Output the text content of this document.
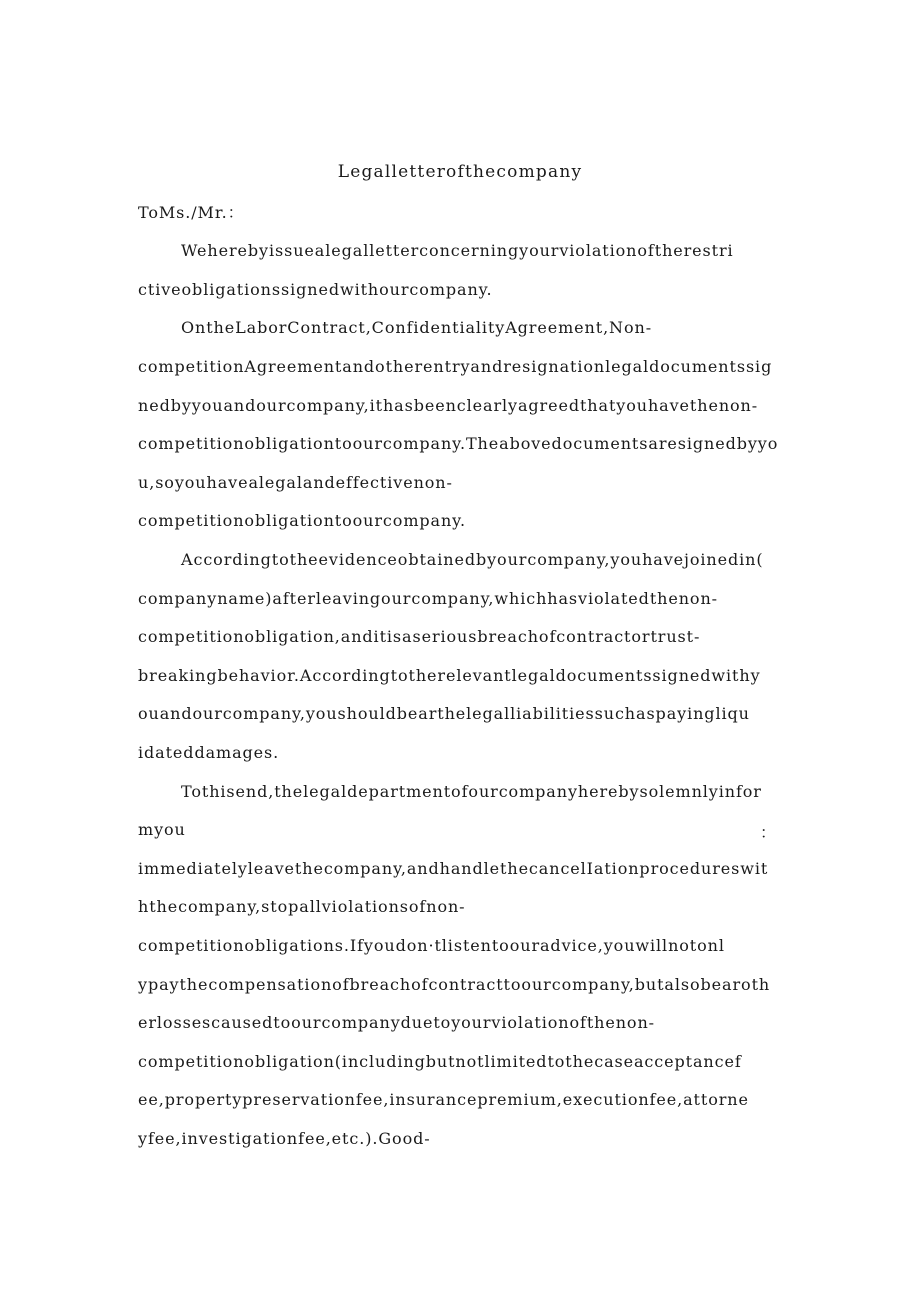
Legalletterofthecompany
ToMs./Mr.：
Weherebyissuealegalletterconcerningyourviolationoftherestri
ctiveobligationssignedwithourcompany.
OntheLaborContract,ConfidentialityAgreement,Non-
competitionAgreementandotherentryandresignationlegaldocumentssig
nedbyyouandourcompany,ithasbeenclearlyagreedthatyouhavethenon-
competitionobligationtoourcompany.Theabovedocumentsaresignedbyyo
u,soyouhavealegalandeffectivenon-
competitionobligationtoourcompany.
Accordingtotheevidenceobtainedbyourcompany,youhavejoinedin(
companyname)afterleavingourcompany,whichhasviolatedthenon-
competitionobligation,anditisaseriousbreachofcontractortrust-
breakingbehavior.Accordingtotherelevantlegaldocumentssignedwithy
ouandourcompany,youshouldbearthelegalliabilitiessuchaspayingliqu
idateddamages.
Tothisend,thelegaldepartmentofourcompanyherebysolemnlyinfor
myou	：
immediatelyleavethecompany,andhandlethecancelIationprocedureswit
hthecompany,stopallviolationsofnon-
competitionobligations.Ifyoudon·tlistentoouradvice,youwillnotonl
ypaythecompensationofbreachofcontracttoourcompany,butalsobearoth
erlossescausedtoourcompanyduetoyourviolationofthenon-
competitionobligation(includingbutnotlimitedtothecaseacceptancef
ee,propertypreservationfee,insurancepremium,executionfee,attorne
yfee,investigationfee,etc.).Good-
